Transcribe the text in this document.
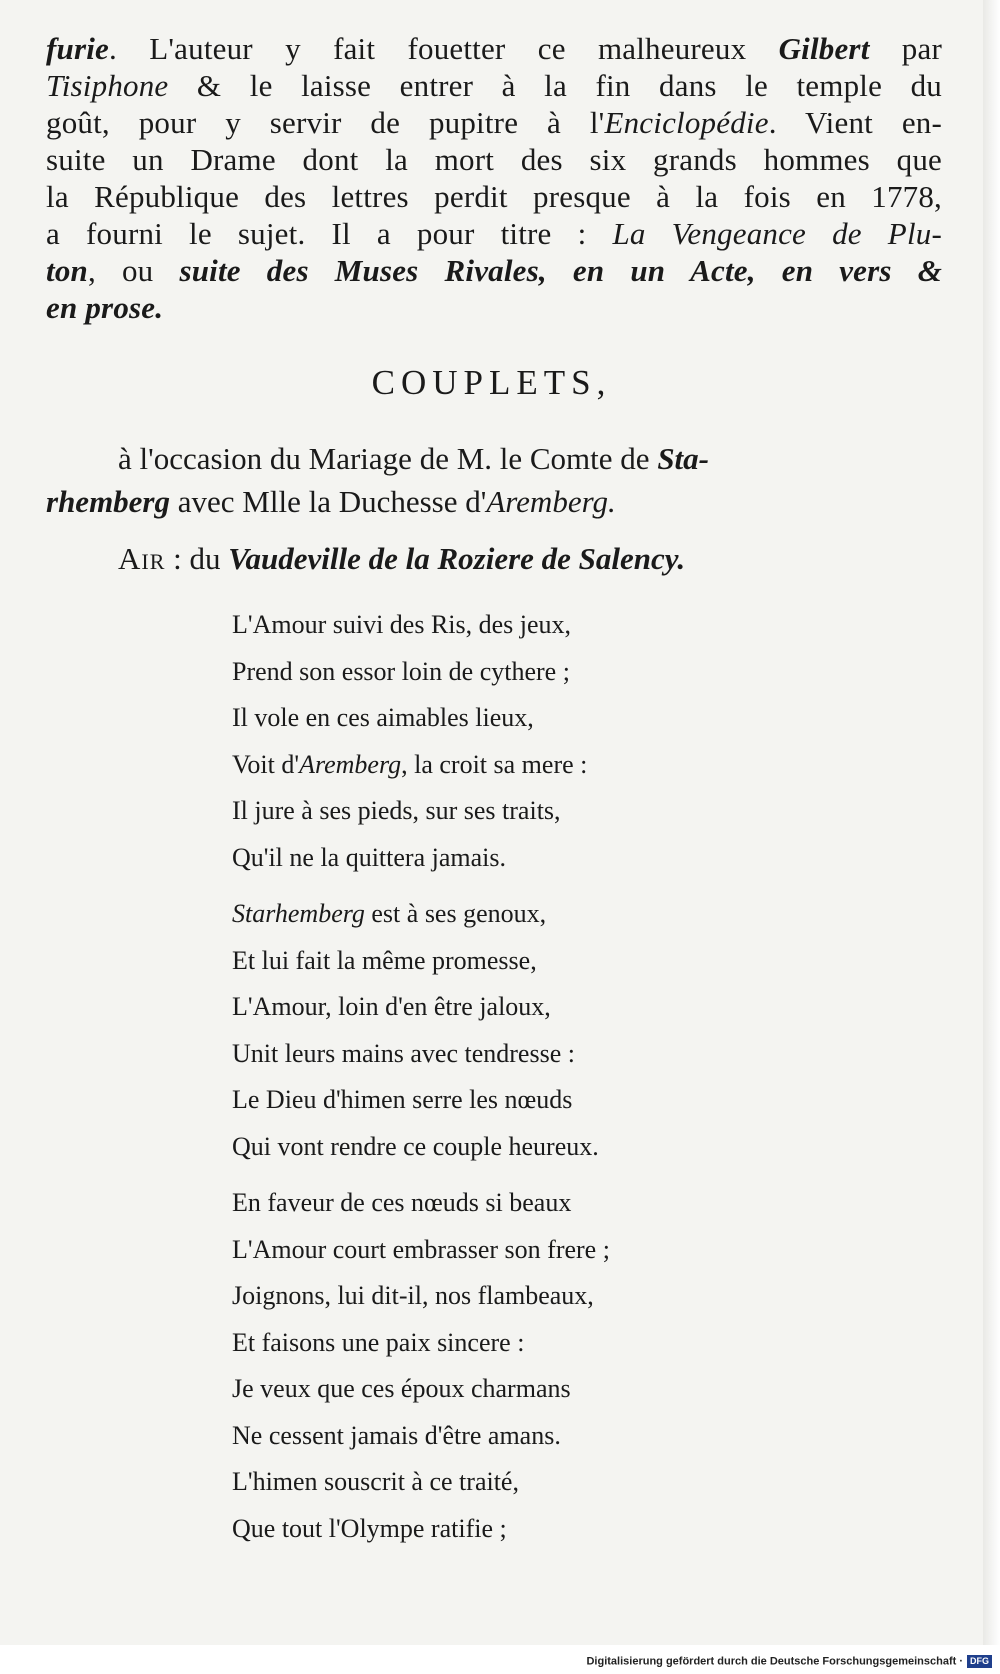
furie. L'auteur y fait fouetter ce malheureux Gilbert par
Tisiphone & le laisse entrer à la fin dans le temple du
goût, pour y servir de pupitre à l'Enciclopédie. Vient en-
suite un Drame dont la mort des six grands hommes que
la République des lettres perdit presque à la fois en 1778,
a fourni le sujet. Il a pour titre : La Vengeance de Plu-
ton, ou suite des Muses Rivales, en un Acte, en vers &
en prose.
COUPLETS,
à l'occasion du Mariage de M. le Comte de Sta-
rhemberg avec Mlle la Duchesse d'Aremberg.
Air : du Vaudeville de la Roziere de Salency.
L'Amour suivi des Ris, des jeux,
Prend son essor loin de cythere ;
Il vole en ces aimables lieux,
Voit d'Aremberg, la croit sa mere :
Il jure à ses pieds, sur ses traits,
Qu'il ne la quittera jamais.
Starhemberg est à ses genoux,
Et lui fait la même promesse,
L'Amour, loin d'en être jaloux,
Unit leurs mains avec tendresse :
Le Dieu d'himen serre les nœuds
Qui vont rendre ce couple heureux.
En faveur de ces nœuds si beaux
L'Amour court embrasser son frere ;
Joignons, lui dit-il, nos flambeaux,
Et faisons une paix sincere :
Je veux que ces époux charmans
Ne cessent jamais d'être amans.
L'himen souscrit à ce traité,
Que tout l'Olympe ratifie ;
Digitalisierung gefördert durch die Deutsche Forschungsgemeinschaft · DFG
